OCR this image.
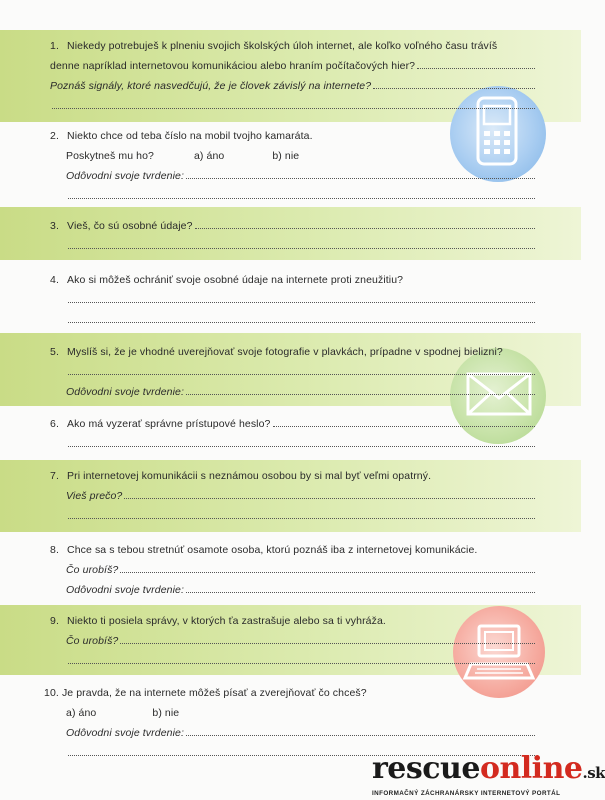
1.
Niekedy potrebuješ k plneniu svojich školských úloh internet, ale koľko voľného času trávíš
denne napríklad internetovou komunikáciou alebo hraním počítačových hier?
Poznáš signály, ktoré nasvedčujú, že je človek závislý na internete?
2.
Niekto chce od teba číslo na mobil tvojho kamaráta.
Poskytneš mu ho?	a) áno	b) nie
Odôvodni svoje tvrdenie:
3.
Vieš, čo sú osobné údaje?
4.
Ako si môžeš ochrániť svoje osobné údaje na internete proti zneužitiu?
5.
Myslíš si, že je vhodné uverejňovať svoje fotografie v plavkách, prípadne v spodnej bielizni?
Odôvodni svoje tvrdenie:
6.
Ako má vyzerať správne prístupové heslo?
7.
Pri internetovej komunikácii s neznámou osobou by si mal byť veľmi opatrný.
Vieš prečo?
8.
Chce sa s tebou stretnúť osamote osoba, ktorú poznáš iba z internetovej komunikácie.
Čo urobíš?
Odôvodni svoje tvrdenie:
9.
Niekto ti posiela správy, v ktorých ťa zastrašuje alebo sa ti vyhráža.
Čo urobíš?
10.
Je pravda, že na internete môžeš písať a zverejňovať čo chceš?
a) áno	b) nie
Odôvodni svoje tvrdenie:
rescueonline.sk
INFORMAČNÝ ZÁCHRANÁRSKY INTERNETOVÝ PORTÁL
